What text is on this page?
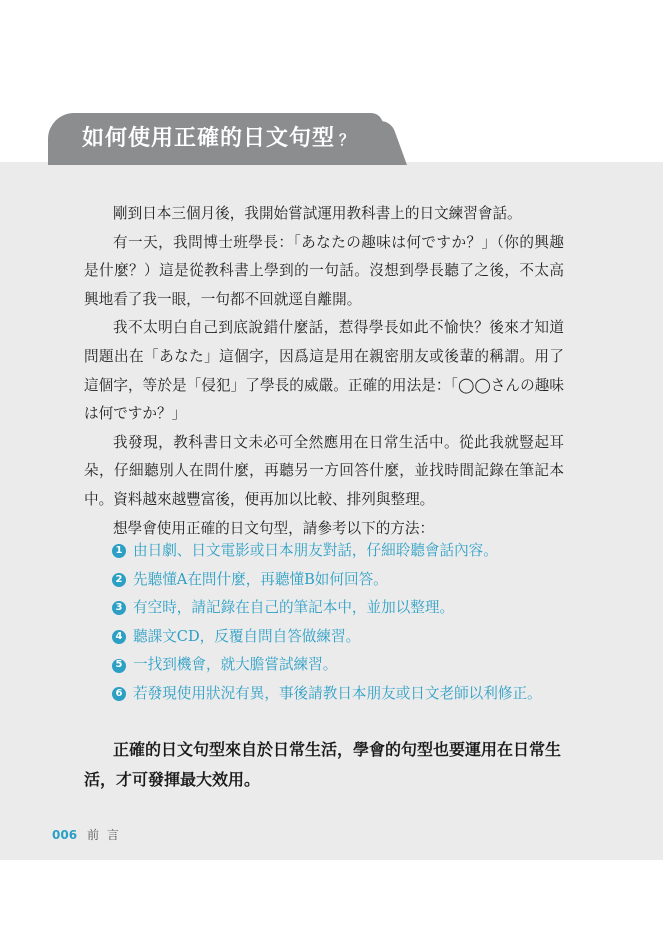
如何使用正確的日文句型 ？

剛到日本三個月後，我開始嘗試運用教科書上的日文練習會話。

有一天，我問博士班學長：「あなたの趣味は何ですか？」（你的興趣是什麼？）這是從教科書上學到的一句話。沒想到學長聽了之後，不太高興地看了我一眼，一句都不回就逕自離開。

我不太明白自己到底說錯什麼話，惹得學長如此不愉快？後來才知道問題出在「あなた」這個字，因爲這是用在親密朋友或後輩的稱謂。用了這個字，等於是「侵犯」了學長的威嚴。正確的用法是：「◯◯さんの趣味は何ですか？」

我發現，教科書日文未必可全然應用在日常生活中。從此我就豎起耳朵，仔細聽別人在問什麼，再聽另一方回答什麼，並找時間記錄在筆記本中。資料越來越豐富後，便再加以比較、排列與整理。

想學會使用正確的日文句型，請參考以下的方法：

1 由日劇、日文電影或日本朋友對話，仔細聆聽會話內容。
2 先聽懂A在問什麼，再聽懂B如何回答。
3 有空時，請記錄在自己的筆記本中，並加以整理。
4 聽課文CD，反覆自問自答做練習。
5 一找到機會，就大膽嘗試練習。
6 若發現使用狀況有異，事後請教日本朋友或日文老師以利修正。

正確的日文句型來自於日常生活，學會的句型也要運用在日常生活，才可發揮最大效用。

006 前 言
